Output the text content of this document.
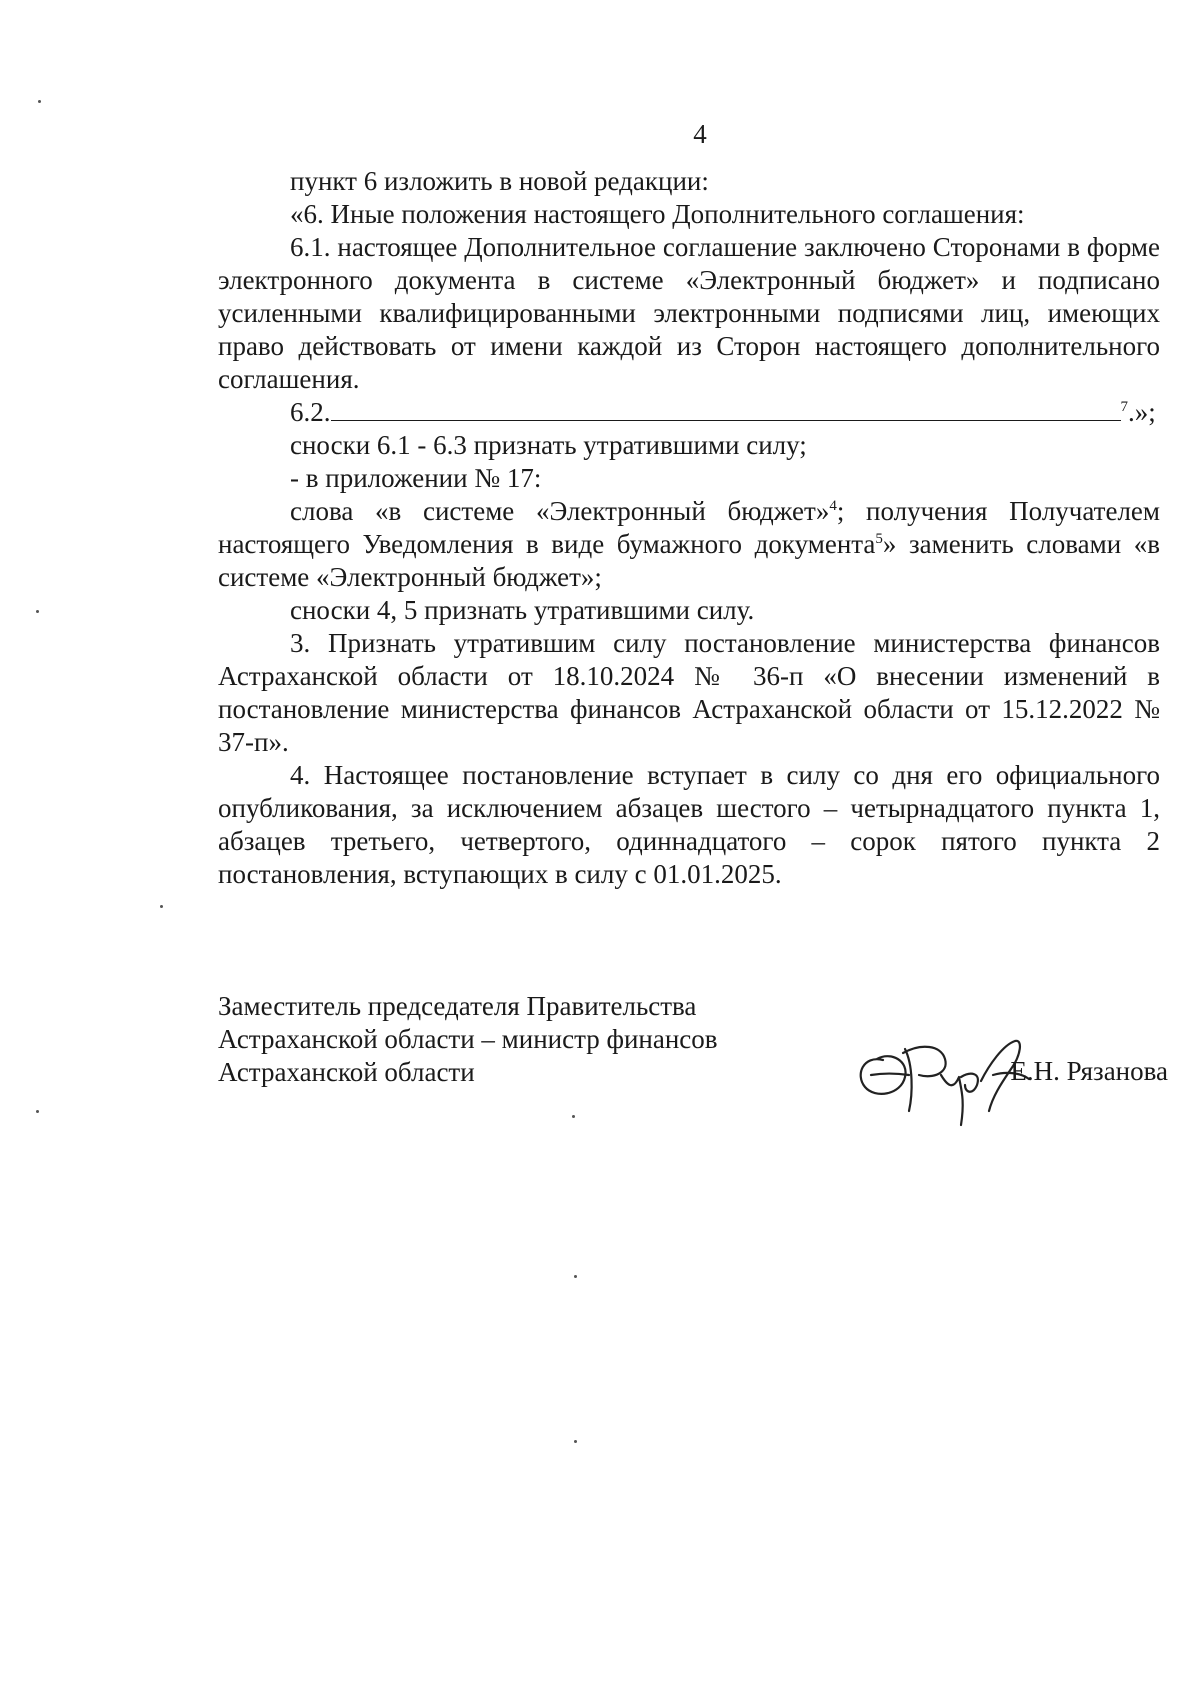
4

пункт 6 изложить в новой редакции:

«6. Иные положения настоящего Дополнительного соглашения:

6.1. настоящее Дополнительное соглашение заключено Сторонами в форме электронного документа в системе «Электронный бюджет» и подписано усиленными квалифицированными электронными подписями лиц, имеющих право действовать от имени каждой из Сторон настоящего дополнительного соглашения.

6.2.	$^7$.»;

сноски 6.1 - 6.3 признать утратившими силу;

- в приложении № 17:

слова «в системе «Электронный бюджет»$^4$; получения Получателем настоящего Уведомления в виде бумажного документа$^5$» заменить словами «в системе «Электронный бюджет»;

сноски 4, 5 признать утратившими силу.

3. Признать утратившим силу постановление министерства финансов Астраханской области от 18.10.2024 № 36-п «О внесении изменений в постановление министерства финансов Астраханской области от 15.12.2022 № 37-п».

4. Настоящее постановление вступает в силу со дня его официального опубликования, за исключением абзацев шестого – четырнадцатого пункта 1, абзацев третьего, четвертого, одиннадцатого – сорок пятого пункта 2 постановления, вступающих в силу с 01.01.2025.

Заместитель председателя Правительства
Астраханской области – министр финансов
Астраханской области	Е.Н. Рязанова
